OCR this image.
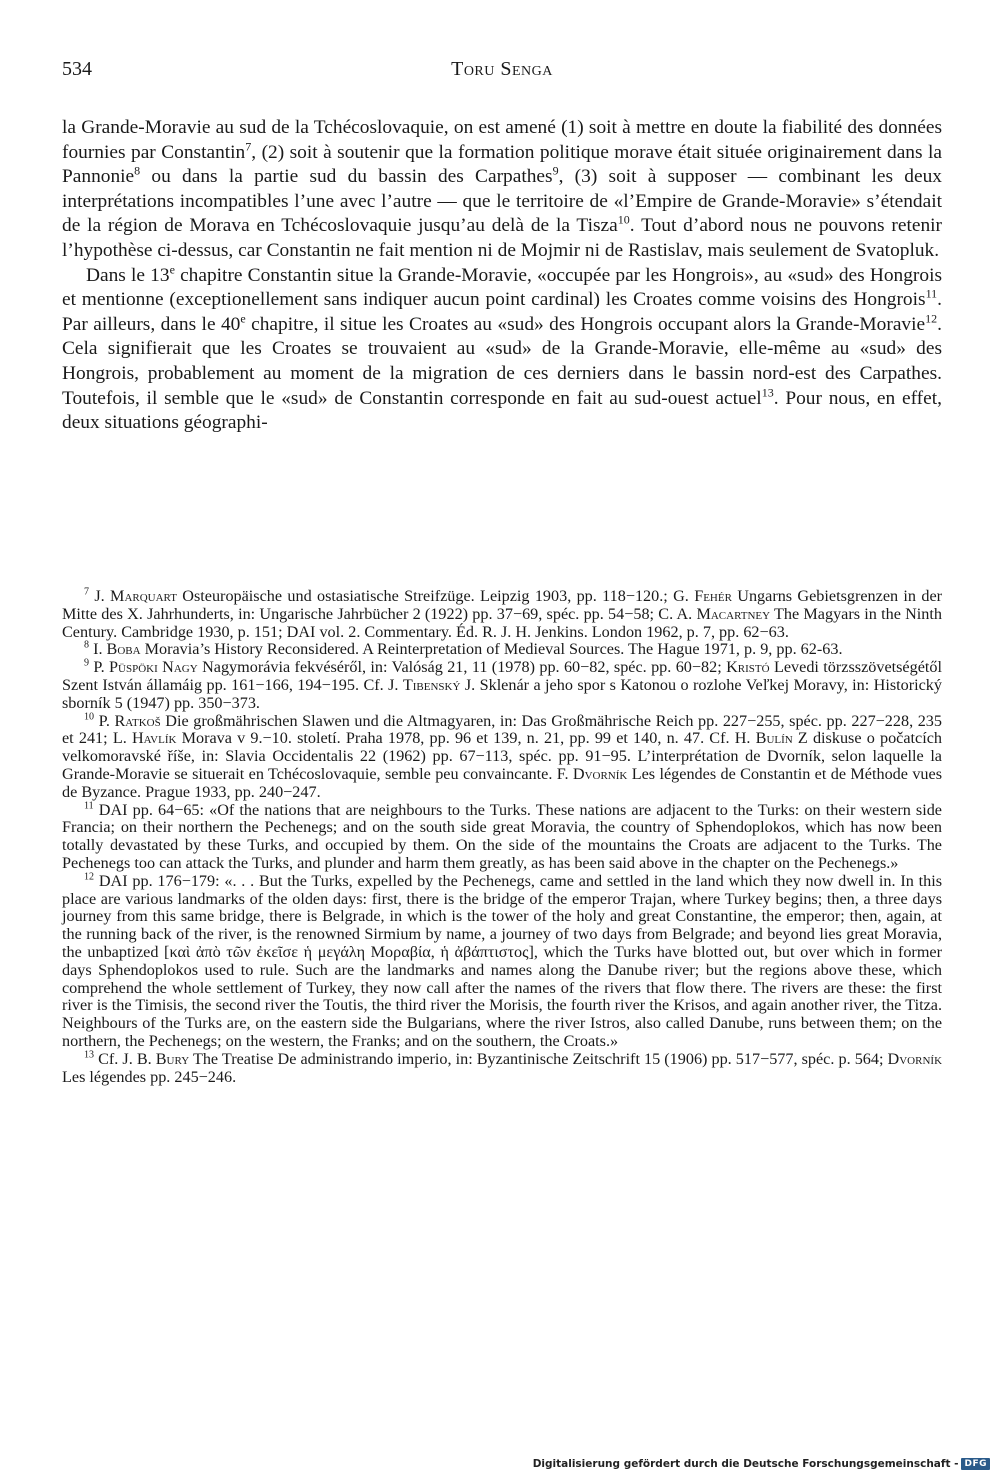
534	Toru Senga

la Grande-Moravie au sud de la Tchécoslovaquie, on est amené (1) soit à mettre en doute la fiabilité des données fournies par Constantin$^7$, (2) soit à soutenir que la formation politique morave était située originairement dans la Pannonie$^8$ ou dans la partie sud du bassin des Carpathes$^9$, (3) soit à supposer — combinant les deux interprétations incompatibles l’une avec l’autre — que le territoire de «l’Empire de Grande-Moravie» s’étendait de la région de Morava en Tchécoslovaquie jusqu’au delà de la Tisza$^{10}$. Tout d’abord nous ne pouvons retenir l’hypothèse ci-dessus, car Constantin ne fait mention ni de Mojmir ni de Rastislav, mais seulement de Svatopluk.

Dans le 13e chapitre Constantin situe la Grande-Moravie, «occupée par les Hongrois», au «sud» des Hongrois et mentionne (exceptionellement sans indiquer aucun point cardinal) les Croates comme voisins des Hongrois$^{11}$. Par ailleurs, dans le 40e chapitre, il situe les Croates au «sud» des Hongrois occupant alors la Grande-Moravie$^{12}$. Cela signifierait que les Croates se trouvaient au «sud» de la Grande-Moravie, elle-même au «sud» des Hongrois, probablement au moment de la migration de ces derniers dans le bassin nord-est des Carpathes. Toutefois, il semble que le «sud» de Constantin corresponde en fait au sud-ouest actuel$^{13}$. Pour nous, en effet, deux situations géographi-

$^7$ J. Marquart Osteuropäische und ostasiatische Streifzüge. Leipzig 1903, pp. 118−120.; G. Fehér Ungarns Gebietsgrenzen in der Mitte des X. Jahrhunderts, in: Ungarische Jahrbücher 2 (1922) pp. 37−69, spéc. pp. 54−58; C. A. Macartney The Magyars in the Ninth Century. Cambridge 1930, p. 151; DAI vol. 2. Commentary. Éd. R. J. H. Jenkins. London 1962, p. 7, pp. 62−63.

$^8$ I. Boba Moravia’s History Reconsidered. A Reinterpretation of Medieval Sources. The Hague 1971, p. 9, pp. 62-63.

$^9$ P. Püspöki Nagy Nagymorávia fekvéséről, in: Valóság 21, 11 (1978) pp. 60−82, spéc. pp. 60−82; Kristó Levedi törzsszövetségétől Szent István államáig pp. 161−166, 194−195. Cf. J. Tibenský J. Sklenár a jeho spor s Katonou o rozlohe Veľkej Moravy, in: Historický sborník 5 (1947) pp. 350−373.

$^{10}$ P. Ratkoš Die großmährischen Slawen und die Altmagyaren, in: Das Großmährische Reich pp. 227−255, spéc. pp. 227−228, 235 et 241; L. Havlík Morava v 9.−10. století. Praha 1978, pp. 96 et 139, n. 21, pp. 99 et 140, n. 47. Cf. H. Bulín Z diskuse o počatcích velkomoravské říše, in: Slavia Occidentalis 22 (1962) pp. 67−113, spéc. pp. 91−95. L’interprétation de Dvorník, selon laquelle la Grande-Moravie se situerait en Tchécoslovaquie, semble peu convaincante. F. Dvorník Les légendes de Constantin et de Méthode vues de Byzance. Prague 1933, pp. 240−247.

$^{11}$ DAI pp. 64−65: «Of the nations that are neighbours to the Turks. These nations are adjacent to the Turks: on their western side Francia; on their northern the Pechenegs; and on the south side great Moravia, the country of Sphendoplokos, which has now been totally devastated by these Turks, and occupied by them. On the side of the mountains the Croats are adjacent to the Turks. The Pechenegs too can attack the Turks, and plunder and harm them greatly, as has been said above in the chapter on the Pechenegs.»

$^{12}$ DAI pp. 176−179: «. . . But the Turks, expelled by the Pechenegs, came and settled in the land which they now dwell in. In this place are various landmarks of the olden days: first, there is the bridge of the emperor Trajan, where Turkey begins; then, a three days journey from this same bridge, there is Belgrade, in which is the tower of the holy and great Constantine, the emperor; then, again, at the running back of the river, is the renowned Sirmium by name, a journey of two days from Belgrade; and beyond lies great Moravia, the unbaptized [καὶ ἀπὸ τῶν ἐκεῖσε ἡ μεγάλη Μοραβία, ἡ ἀβάπτιστος], which the Turks have blotted out, but over which in former days Sphendoplokos used to rule. Such are the landmarks and names along the Danube river; but the regions above these, which comprehend the whole settlement of Turkey, they now call after the names of the rivers that flow there. The rivers are these: the first river is the Timisis, the second river the Toutis, the third river the Morisis, the fourth river the Krisos, and again another river, the Titza. Neighbours of the Turks are, on the eastern side the Bulgarians, where the river Istros, also called Danube, runs between them; on the northern, the Pechenegs; on the western, the Franks; and on the southern, the Croats.»

$^{13}$ Cf. J. B. Bury The Treatise De administrando imperio, in: Byzantinische Zeitschrift 15 (1906) pp. 517−577, spéc. p. 564; Dvorník Les légendes pp. 245−246.

Digitalisierung gefördert durch die Deutsche Forschungsgemeinschaft - DFG
